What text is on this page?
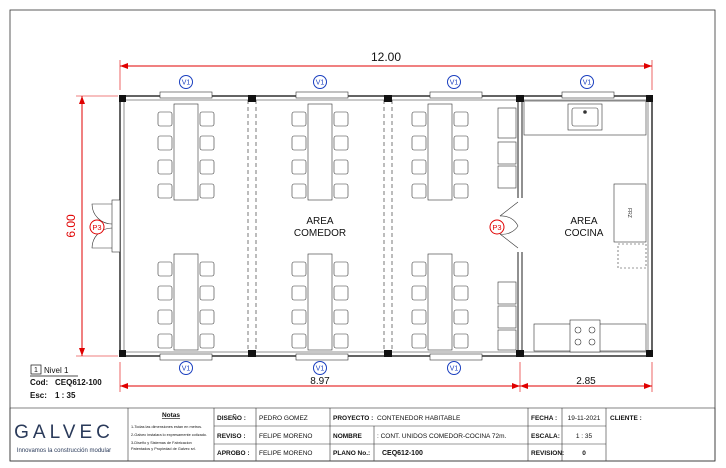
12.00
6.00
8.97	2.85
V1	V1	V1	V1
V1	V1	V1
P3	P3
AREA
COMEDOR
AREA
COCINA
FRZ
1 Nivel 1
Cod: CEQ612-100
Esc: 1 : 35
GALVEC
Innovamos la construcción modular
Notas
1-Todas las dimensiones estan en metros.
2-Galvec instalara lo expresamente cotizado.
3-Diseño y Sistemas de Fabricacion
Patentados y Propiedad de Galvec srl.
DISEÑO : PEDRO GOMEZ
REVISO : FELIPE MORENO
APROBO : FELIPE MORENO
PROYECTO : CONTENEDOR HABITABLE
NOMBRE : CONT. UNIDOS COMEDOR-COCINA 72m.
PLANO No.: CEQ612-100
FECHA : 19-11-2021
ESCALA: 1 : 35
REVISION:	0
CLIENTE :
